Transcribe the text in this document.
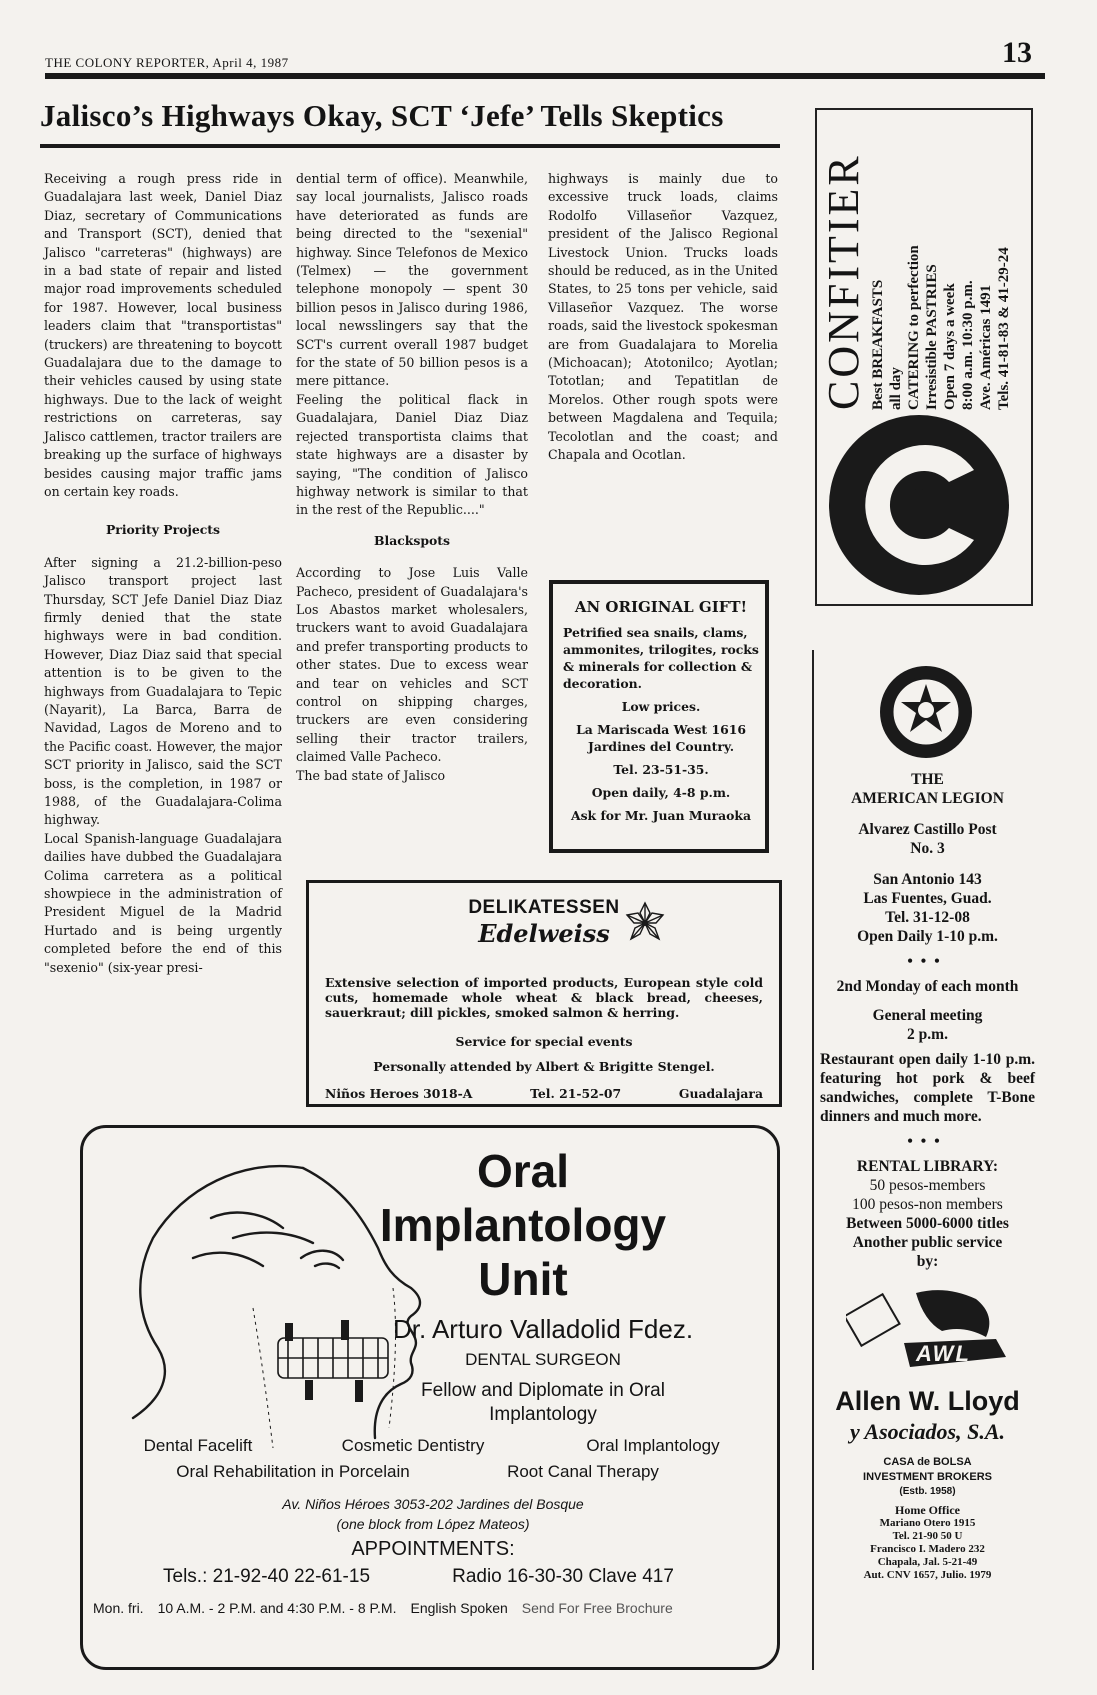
THE COLONY REPORTER, April 4, 1987	13
Jalisco’s Highways Okay, SCT ‘Jefe’ Tells Skeptics

Receiving a rough press ride in Guadalajara last week, Daniel Diaz Diaz, secretary of Communications and Transport (SCT), denied that Jalisco "carreteras" (highways) are in a bad state of repair and listed major road improvements scheduled for 1987. However, local business leaders claim that "transportistas" (truckers) are threatening to boycott Guadalajara due to the damage to their vehicles caused by using state highways. Due to the lack of weight restrictions on carreteras, say Jalisco cattlemen, tractor trailers are breaking up the surface of highways besides causing major traffic jams on certain key roads.

Priority Projects

After signing a 21.2-billion-peso Jalisco transport project last Thursday, SCT Jefe Daniel Diaz Diaz firmly denied that the state highways were in bad condition. However, Diaz Diaz said that special attention is to be given to the highways from Guadalajara to Tepic (Nayarit), La Barca, Barra de Navidad, Lagos de Moreno and to the Pacific coast. However, the major SCT priority in Jalisco, said the SCT boss, is the completion, in 1987 or 1988, of the Guadalajara-Colima highway.

Local Spanish-language Guadalajara dailies have dubbed the Guadalajara Colima carretera as a political showpiece in the administration of President Miguel de la Madrid Hurtado and is being urgently completed before the end of this "sexenio" (six-year presi-

dential term of office). Meanwhile, say local journalists, Jalisco roads have deteriorated as funds are being directed to the "sexenial" highway. Since Telefonos de Mexico (Telmex) — the government telephone monopoly — spent 30 billion pesos in Jalisco during 1986, local newsslingers say that the SCT's current overall 1987 budget for the state of 50 billion pesos is a mere pittance.

Feeling the political flack in Guadalajara, Daniel Diaz Diaz rejected transportista claims that state highways are a disaster by saying, "The condition of Jalisco highway network is similar to that in the rest of the Republic...."

Blackspots

According to Jose Luis Valle Pacheco, president of Guadalajara's Los Abastos market wholesalers, truckers want to avoid Guadalajara and prefer transporting products to other states. Due to excess wear and tear on vehicles and SCT control on shipping charges, truckers are even considering selling their tractor trailers, claimed Valle Pacheco.

The bad state of Jalisco

highways is mainly due to excessive truck loads, claims Rodolfo Villaseñor Vazquez, president of the Jalisco Regional Livestock Union. Trucks loads should be reduced, as in the United States, to 25 tons per vehicle, said Villaseñor Vazquez. The worse roads, said the livestock spokesman are from Guadalajara to Morelia (Michoacan); Atotonilco; Ayotlan; Tototlan; and Tepatitlan de Morelos. Other rough spots were between Magdalena and Tequila; Tecolotlan and the coast; and Chapala and Ocotlan.

AN ORIGINAL GIFT!

Petrified sea snails, clams, ammonites, trilogites, rocks & minerals for collection & decoration.

Low prices.

La Mariscada West 1616 Jardines del Country.

Tel. 23-51-35.

Open daily, 4-8 p.m.

Ask for Mr. Juan Muraoka

DELIKATESSEN
Edelweiss

Extensive selection of imported products, European style cold cuts, homemade whole wheat & black bread, cheeses, sauerkraut; dill pickles, smoked salmon & herring.

Service for special events

Personally attended by Albert & Brigitte Stengel.

Niños Heroes 3018-A	Tel. 21-52-07	Guadalajara
CONFITIER Best BREAKFASTS all day CATERING to perfection Irresistible PASTRIES Open 7 days a week 8:00 a.m. 10:30 p.m. Ave. Américas 1491 Tels. 41-81-83 & 41-29-24

THE

AMERICAN LEGION

Alvarez Castillo Post

No. 3

San Antonio 143

Las Fuentes, Guad.

Tel. 31-12-08

Open Daily 1-10 p.m.

•••

2nd Monday of each month

General meeting

2 p.m.

Restaurant open daily 1-10 p.m. featuring hot pork & beef sandwiches, complete T-Bone dinners and much more.

•••

RENTAL LIBRARY:

50 pesos-members

100 pesos-non members

Between 5000-6000 titles

Another public service

by:

AWL

Allen W. Lloyd

y Asociados, S.A.

CASA de BOLSA

INVESTMENT BROKERS

(Estb. 1958)

Home Office

Mariano Otero 1915

Tel. 21-90 50 U

Francisco I. Madero 232

Chapala, Jal. 5-21-49

Aut. CNV 1657, Julio. 1979

Oral
Implantology
Unit
Dr. Arturo Valladolid Fdez.
DENTAL SURGEON
Fellow and Diplomate in Oral
Implantology
Dental Facelift	Cosmetic Dentistry	Oral Implantology
Oral Rehabilitation in Porcelain	Root Canal Therapy
Av. Niños Héroes 3053-202 Jardines del Bosque
(one block from López Mateos)
APPOINTMENTS:
Tels.: 21-92-40 22-61-15	Radio 16-30-30 Clave 417
Mon. fri. 10 A.M. - 2 P.M. and 4:30 P.M. - 8 P.M. English Spoken Send For Free Brochure
